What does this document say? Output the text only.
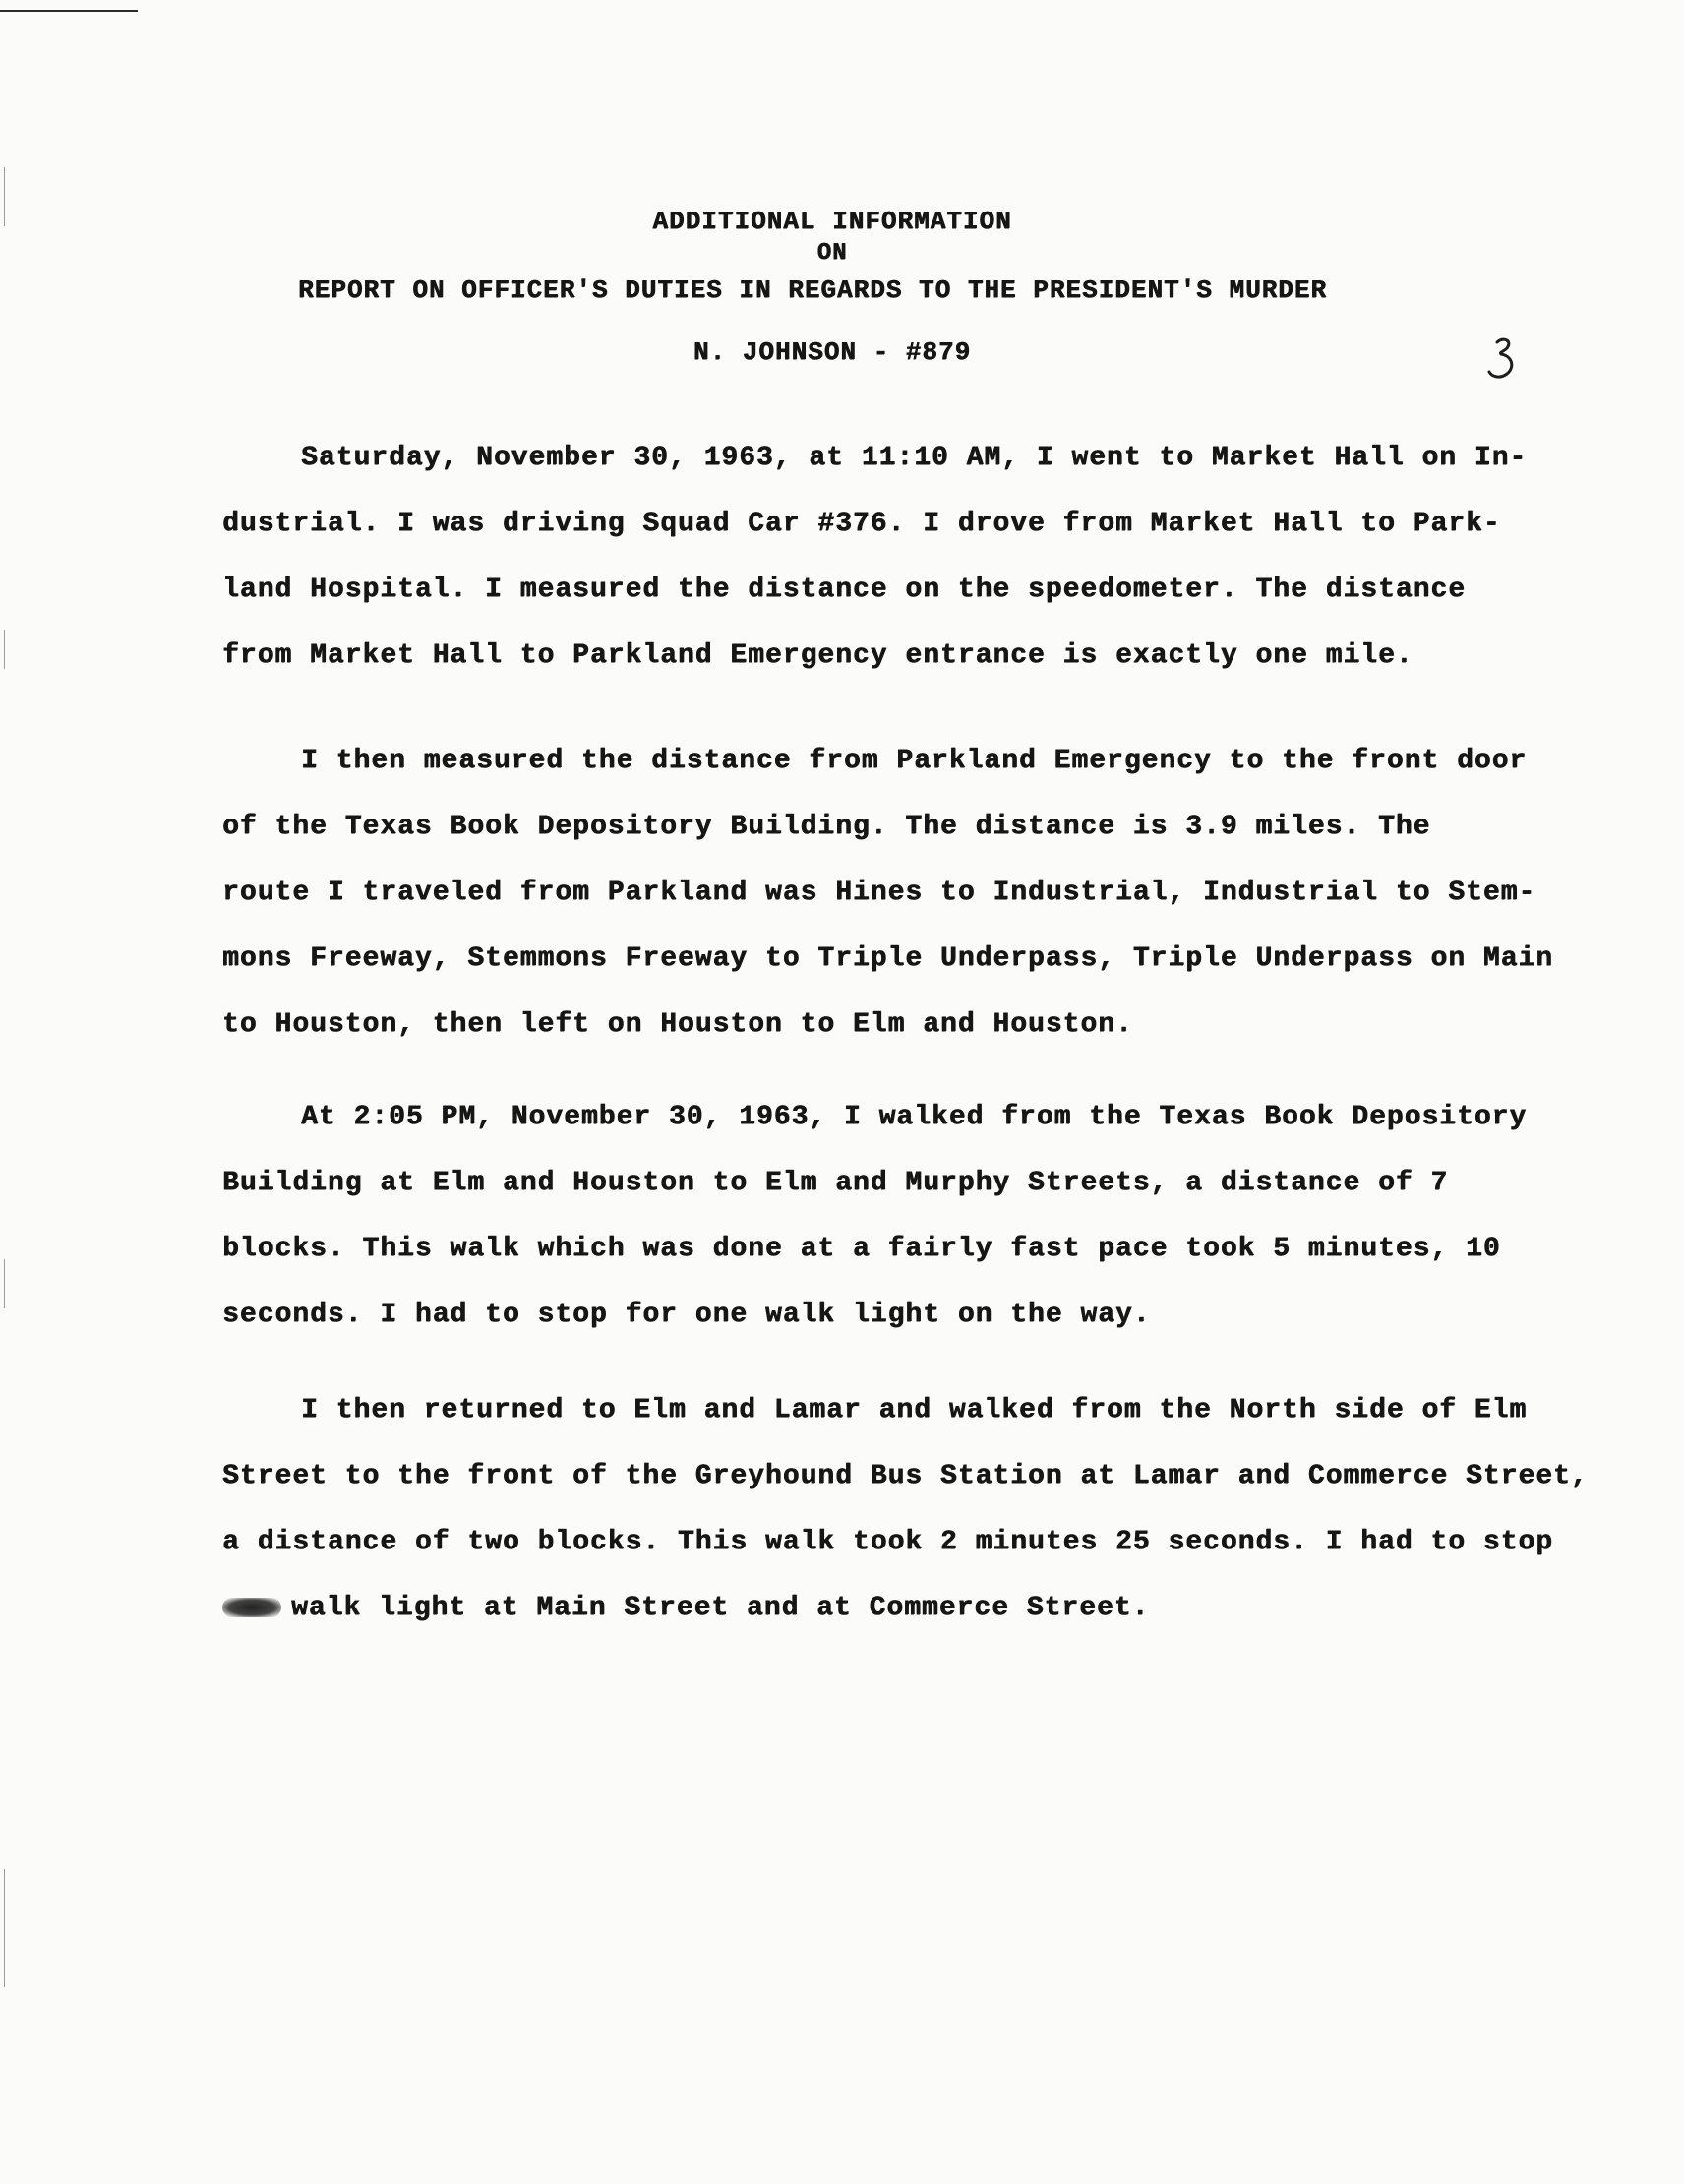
ADDITIONAL INFORMATION
ON
REPORT ON OFFICER'S DUTIES IN REGARDS TO THE PRESIDENT'S MURDER
N. JOHNSON - #879
Saturday, November 30, 1963, at 11:10 AM, I went to Market Hall on In-
dustrial. I was driving Squad Car #376. I drove from Market Hall to Park-
land Hospital. I measured the distance on the speedometer. The distance
from Market Hall to Parkland Emergency entrance is exactly one mile.
I then measured the distance from Parkland Emergency to the front door
of the Texas Book Depository Building. The distance is 3.9 miles. The
route I traveled from Parkland was Hines to Industrial, Industrial to Stem-
mons Freeway, Stemmons Freeway to Triple Underpass, Triple Underpass on Main
to Houston, then left on Houston to Elm and Houston.
At 2:05 PM, November 30, 1963, I walked from the Texas Book Depository
Building at Elm and Houston to Elm and Murphy Streets, a distance of 7
blocks. This walk which was done at a fairly fast pace took 5 minutes, 10
seconds. I had to stop for one walk light on the way.
I then returned to Elm and Lamar and walked from the North side of Elm
Street to the front of the Greyhound Bus Station at Lamar and Commerce Street,
a distance of two blocks. This walk took 2 minutes 25 seconds. I had to stop
walk light at Main Street and at Commerce Street.
